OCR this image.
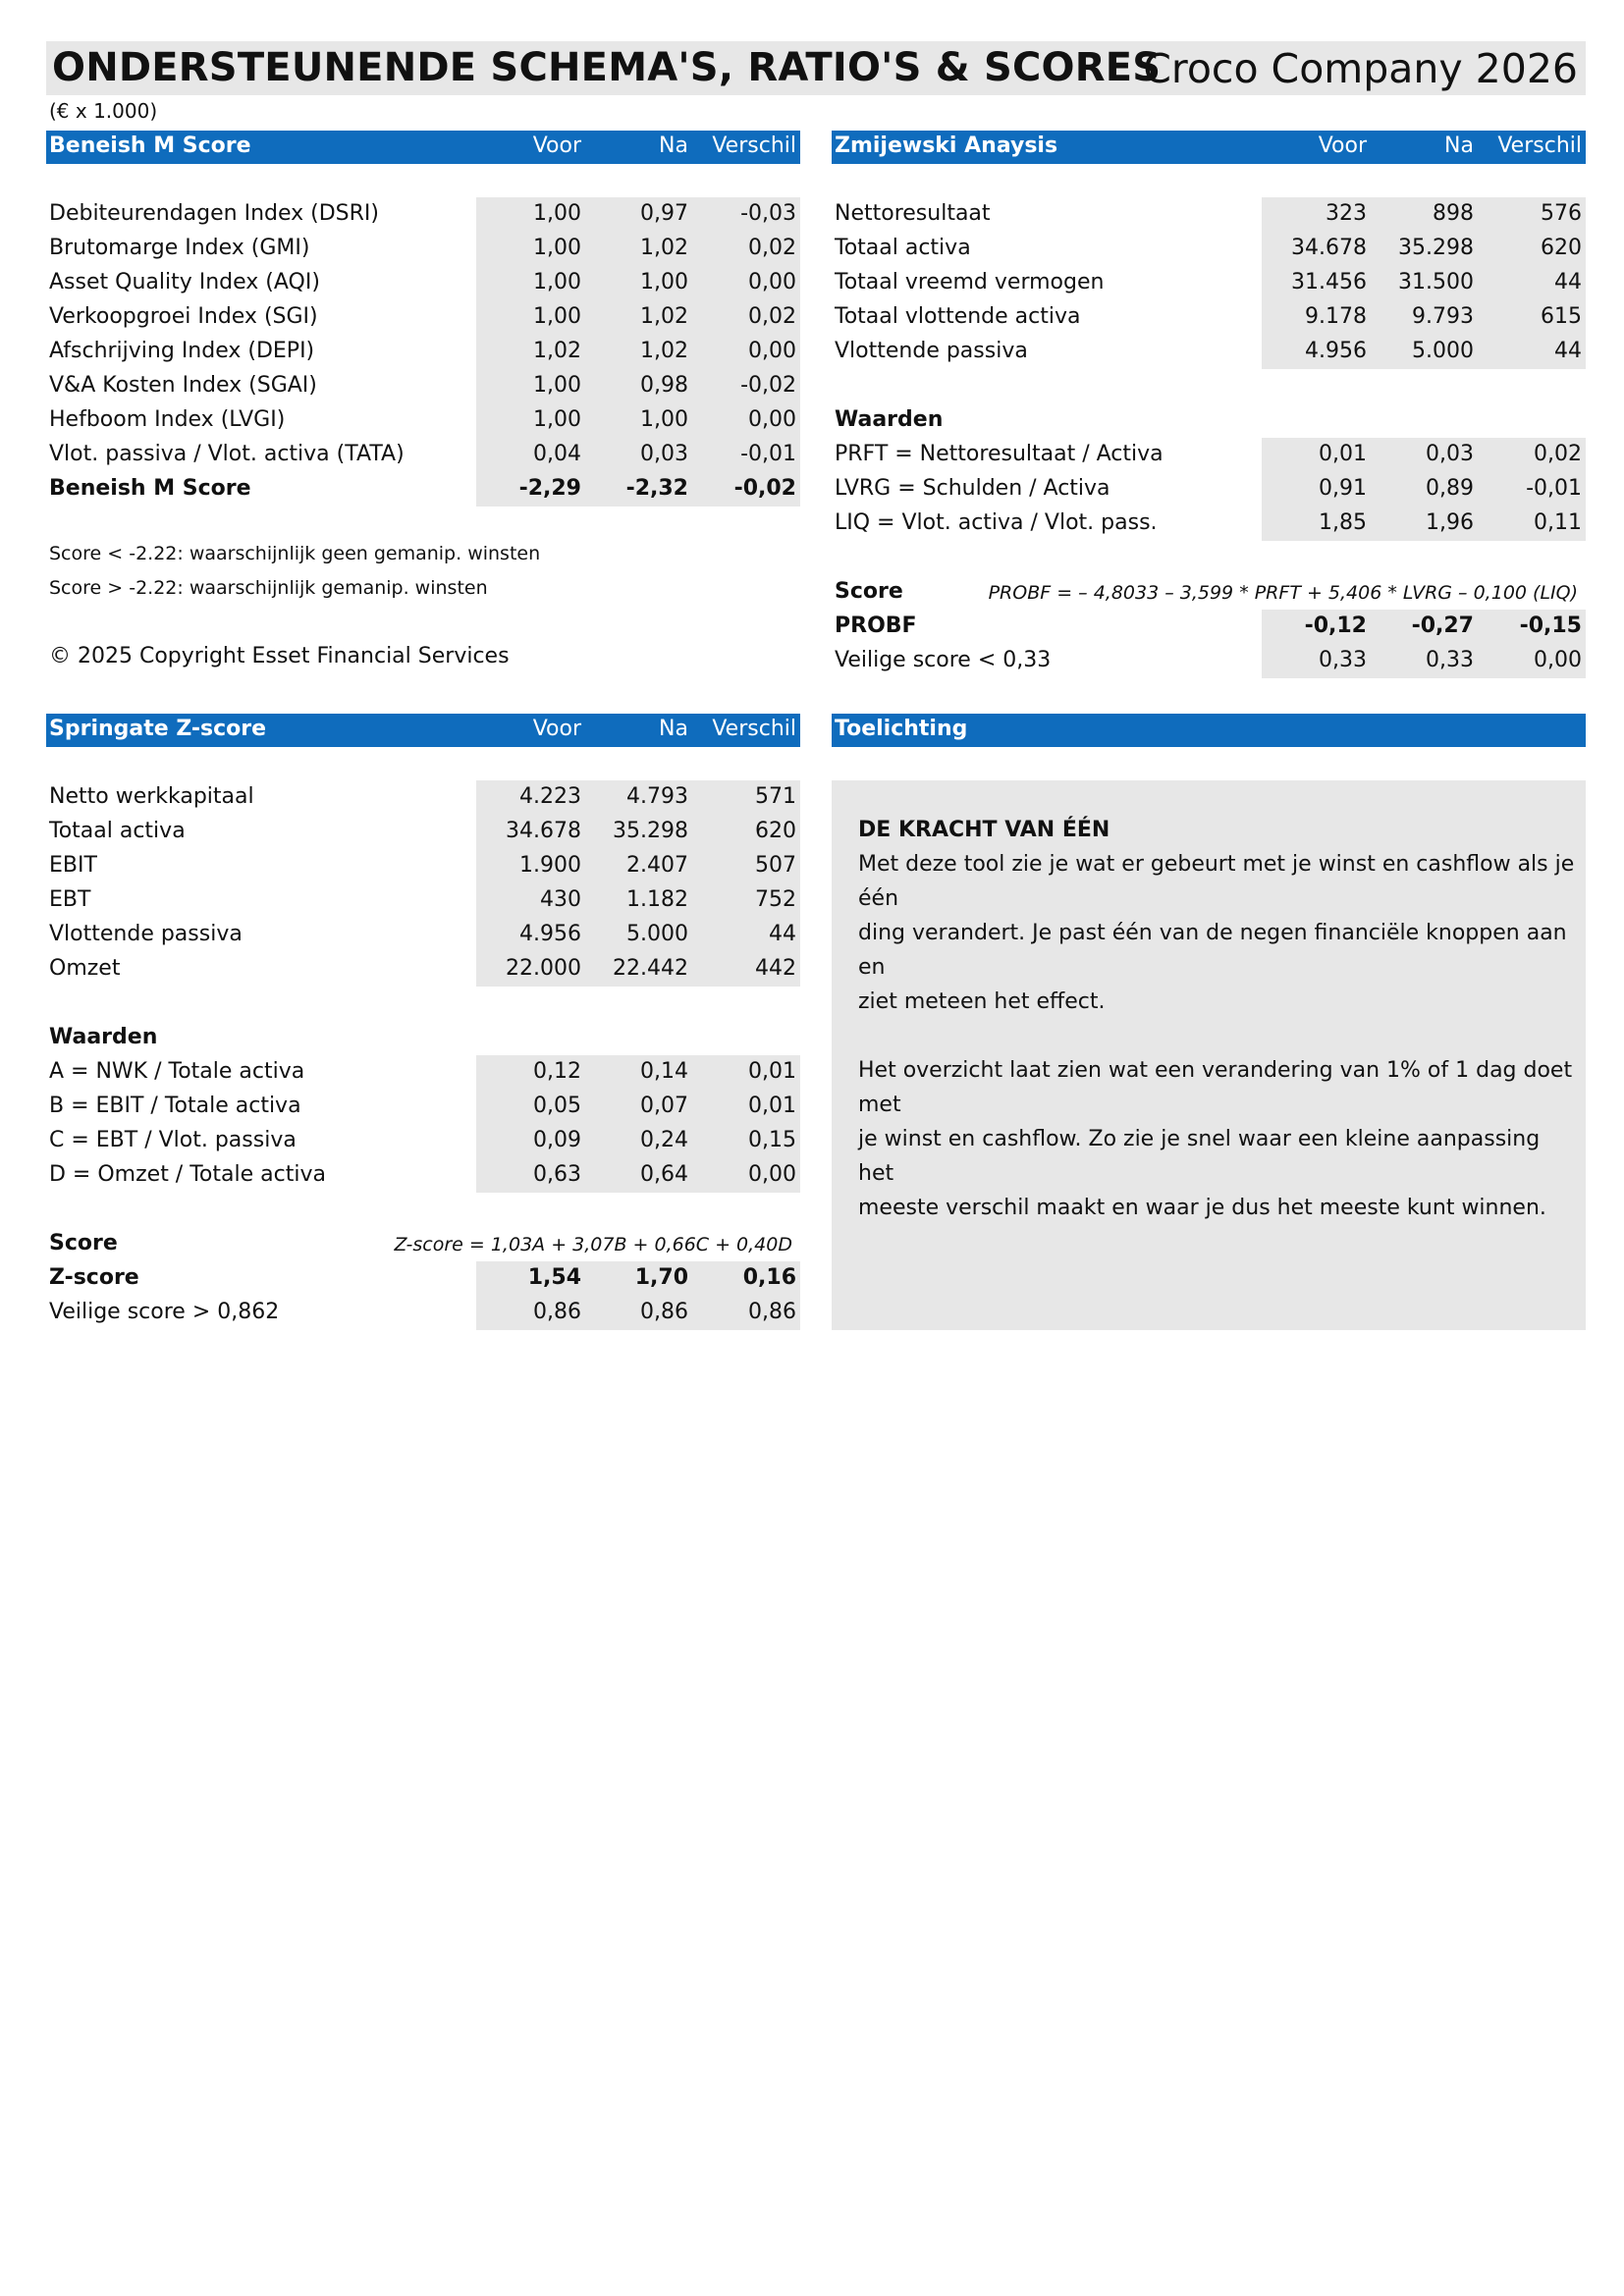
ONDERSTEUNENDE SCHEMA'S, RATIO'S & SCORES
Croco Company 2026
(€ x 1.000)
Beneish M Score	Voor	Na Verschil
Debiteurendagen Index (DSRI)	1,00	0,97 -0,03
Brutomarge Index (GMI)	1,00	1,02	0,02
Asset Quality Index (AQI)	1,00	1,00	0,00
Verkoopgroei Index (SGI)	1,00	1,02	0,02
Afschrijving Index (DEPI)	1,02	1,02	0,00
V&A Kosten Index (SGAI)	1,00	0,98 -0,02
Hefboom Index (LVGI)	1,00	1,00	0,00
Vlot. passiva / Vlot. activa (TATA)	0,04	0,03 -0,01
Beneish M Score	-2,29 -2,32 -0,02
Score < -2.22: waarschijnlijk geen gemanip. winsten
Score > -2.22: waarschijnlijk gemanip. winsten
© 2025 Copyright Esset Financial Services
Zmijewski Anaysis	Voor	Na Verschil
Nettoresultaat	323	898	576
Totaal activa	34.678 35.298	620
Totaal vreemd vermogen	31.456 31.500	44
Totaal vlottende activa	9.178 9.793	615
Vlottende passiva	4.956 5.000	44
Waarden
PRFT = Nettoresultaat / Activa	0,01	0,03	0,02
LVRG = Schulden / Activa	0,91	0,89 -0,01
LIQ = Vlot. activa / Vlot. pass.	1,85	1,96	0,11
Score	PROBF = – 4,8033 – 3,599 * PRFT + 5,406 * LVRG – 0,100 (LIQ)
PROBF	-0,12 -0,27 -0,15
Veilige score < 0,33	0,33	0,33	0,00
Springate Z-score	Voor	Na Verschil
Netto werkkapitaal	4.223 4.793	571
Totaal activa	34.678 35.298	620
EBIT	1.900 2.407	507
EBT	430 1.182	752
Vlottende passiva	4.956 5.000	44
Omzet	22.000 22.442	442
Waarden
A = NWK / Totale activa	0,12	0,14	0,01
B = EBIT / Totale activa	0,05	0,07	0,01
C = EBT / Vlot. passiva	0,09	0,24	0,15
D = Omzet / Totale activa	0,63	0,64	0,00
Score	Z-score = 1,03A + 3,07B + 0,66C + 0,40D
Z-score	1,54 1,70	0,16
Veilige score > 0,862	0,86	0,86	0,86
Toelichting

DE KRACHT VAN ÉÉN

Met deze tool zie je wat er gebeurt met je winst en cashflow als je één

ding verandert. Je past één van de negen financiële knoppen aan en

ziet meteen het effect.

Het overzicht laat zien wat een verandering van 1% of 1 dag doet met

je winst en cashflow. Zo zie je snel waar een kleine aanpassing het

meeste verschil maakt en waar je dus het meeste kunt winnen.
